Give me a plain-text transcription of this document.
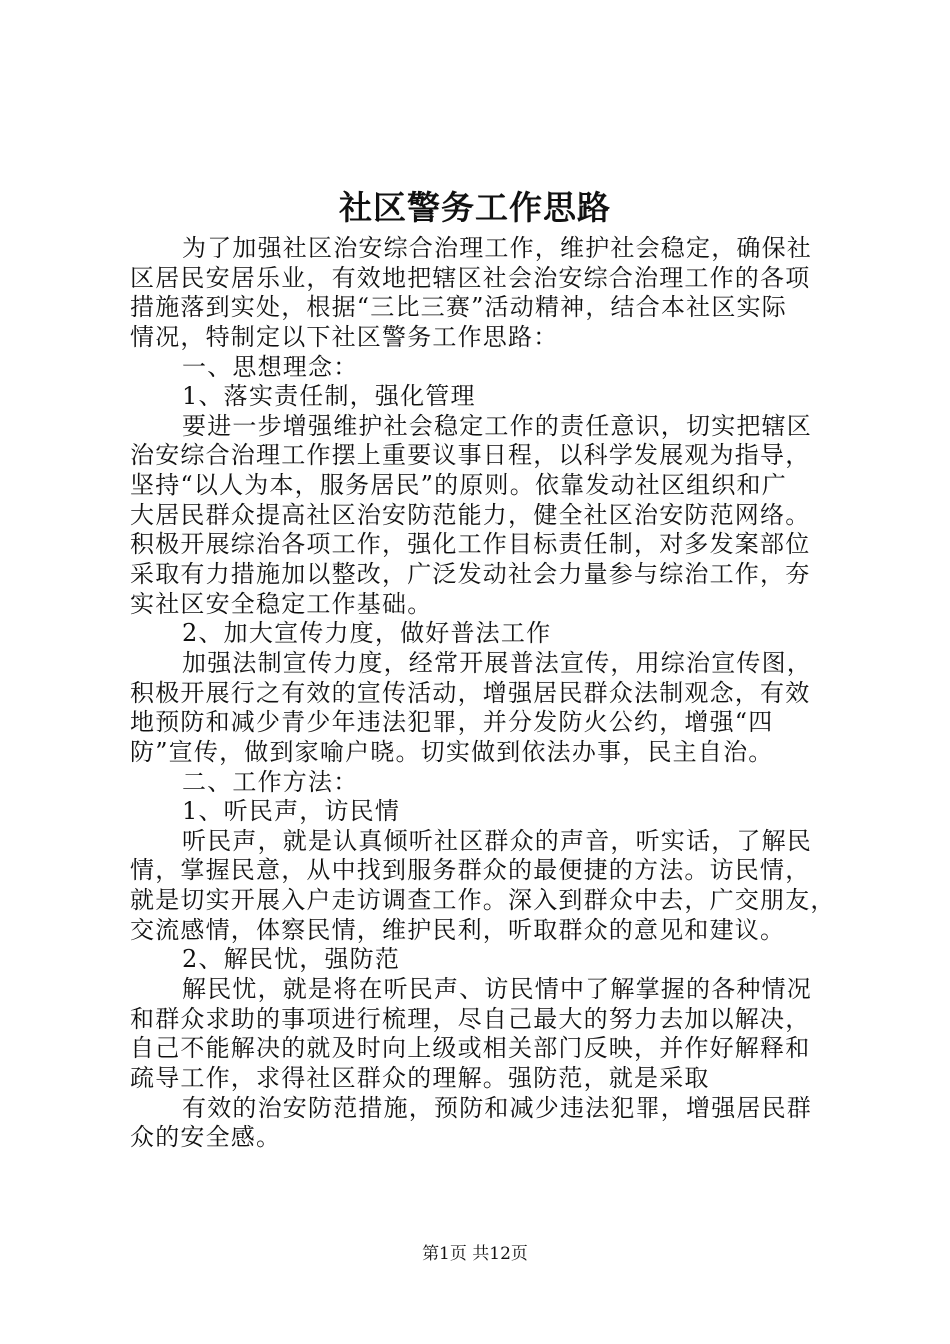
社区警务工作思路

为了加强社区治安综合治理工作，维护社会稳定，确保社

区居民安居乐业，有效地把辖区社会治安综合治理工作的各项

措施落到实处，根据“三比三赛”活动精神，结合本社区实际

情况，特制定以下社区警务工作思路：

一、思想理念：

1、落实责任制，强化管理

要进一步增强维护社会稳定工作的责任意识，切实把辖区

治安综合治理工作摆上重要议事日程，以科学发展观为指导，

坚持“以人为本，服务居民”的原则。依靠发动社区组织和广

大居民群众提高社区治安防范能力，健全社区治安防范网络。

积极开展综治各项工作，强化工作目标责任制，对多发案部位

采取有力措施加以整改，广泛发动社会力量参与综治工作，夯

实社区安全稳定工作基础。

2、加大宣传力度，做好普法工作

加强法制宣传力度，经常开展普法宣传，用综治宣传图，

积极开展行之有效的宣传活动，增强居民群众法制观念，有效

地预防和减少青少年违法犯罪，并分发防火公约，增强“四

防”宣传，做到家喻户晓。切实做到依法办事，民主自治。

二、工作方法：

1、听民声，访民情

听民声，就是认真倾听社区群众的声音，听实话，了解民

情，掌握民意，从中找到服务群众的最便捷的方法。访民情，

就是切实开展入户走访调查工作。深入到群众中去，广交朋友，

交流感情，体察民情，维护民利，听取群众的意见和建议。

2、解民忧，强防范

解民忧，就是将在听民声、访民情中了解掌握的各种情况

和群众求助的事项进行梳理，尽自己最大的努力去加以解决，

自己不能解决的就及时向上级或相关部门反映，并作好解释和

疏导工作，求得社区群众的理解。强防范，就是采取

有效的治安防范措施，预防和减少违法犯罪，增强居民群

众的安全感。

第1页 共12页
